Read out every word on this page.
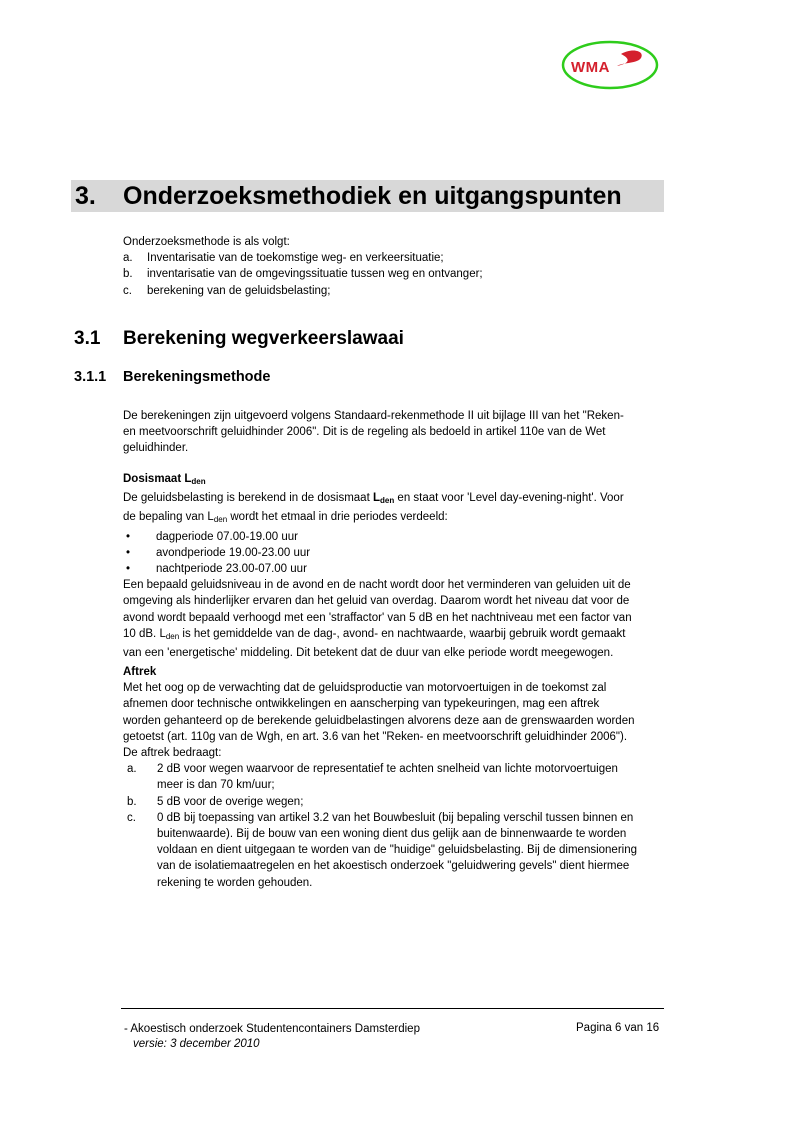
WMA
3. Onderzoeksmethodiek en uitgangspunten
Onderzoeksmethode is als volgt:
a. Inventarisatie van de toekomstige weg- en verkeersituatie;
b. inventarisatie van de omgevingssituatie tussen weg en ontvanger;
c. berekening van de geluidsbelasting;
3.1 Berekening wegverkeerslawaai
3.1.1 Berekeningsmethode
De berekeningen zijn uitgevoerd volgens Standaard-rekenmethode II uit bijlage III van het "Reken-
en meetvoorschrift geluidhinder 2006". Dit is de regeling als bedoeld in artikel 110e van de Wet
geluidhinder.
Dosismaat $L_{den}$
De geluidsbelasting is berekend in de dosismaat $L_{den}$ en staat voor 'Level day-evening-night'. Voor
de bepaling van $L_{den}$ wordt het etmaal in drie periodes verdeeld:
• dagperiode 07.00-19.00 uur
• avondperiode 19.00-23.00 uur
• nachtperiode 23.00-07.00 uur
Een bepaald geluidsniveau in de avond en de nacht wordt door het verminderen van geluiden uit de
omgeving als hinderlijker ervaren dan het geluid van overdag. Daarom wordt het niveau dat voor de
avond wordt bepaald verhoogd met een 'straffactor' van 5 dB en het nachtniveau met een factor van
10 dB. $L_{den}$ is het gemiddelde van de dag-, avond- en nachtwaarde, waarbij gebruik wordt gemaakt
van een 'energetische' middeling. Dit betekent dat de duur van elke periode wordt meegewogen.
Aftrek
Met het oog op de verwachting dat de geluidsproductie van motorvoertuigen in de toekomst zal
afnemen door technische ontwikkelingen en aanscherping van typekeuringen, mag een aftrek
worden gehanteerd op de berekende geluidbelastingen alvorens deze aan de grenswaarden worden
getoetst (art. 110g van de Wgh, en art. 3.6 van het "Reken- en meetvoorschrift geluidhinder 2006").
De aftrek bedraagt:
a. 2 dB voor wegen waarvoor de representatief te achten snelheid van lichte motorvoertuigen
meer is dan 70 km/uur;
b. 5 dB voor de overige wegen;
c. 0 dB bij toepassing van artikel 3.2 van het Bouwbesluit (bij bepaling verschil tussen binnen en
buitenwaarde). Bij de bouw van een woning dient dus gelijk aan de binnenwaarde te worden
voldaan en dient uitgegaan te worden van de "huidige" geluidsbelasting. Bij de dimensionering
van de isolatiemaatregelen en het akoestisch onderzoek "geluidwering gevels" dient hiermee
rekening te worden gehouden.
- Akoestisch onderzoek Studentencontainers Damsterdiep
versie: 3 december 2010
Pagina 6 van 16
